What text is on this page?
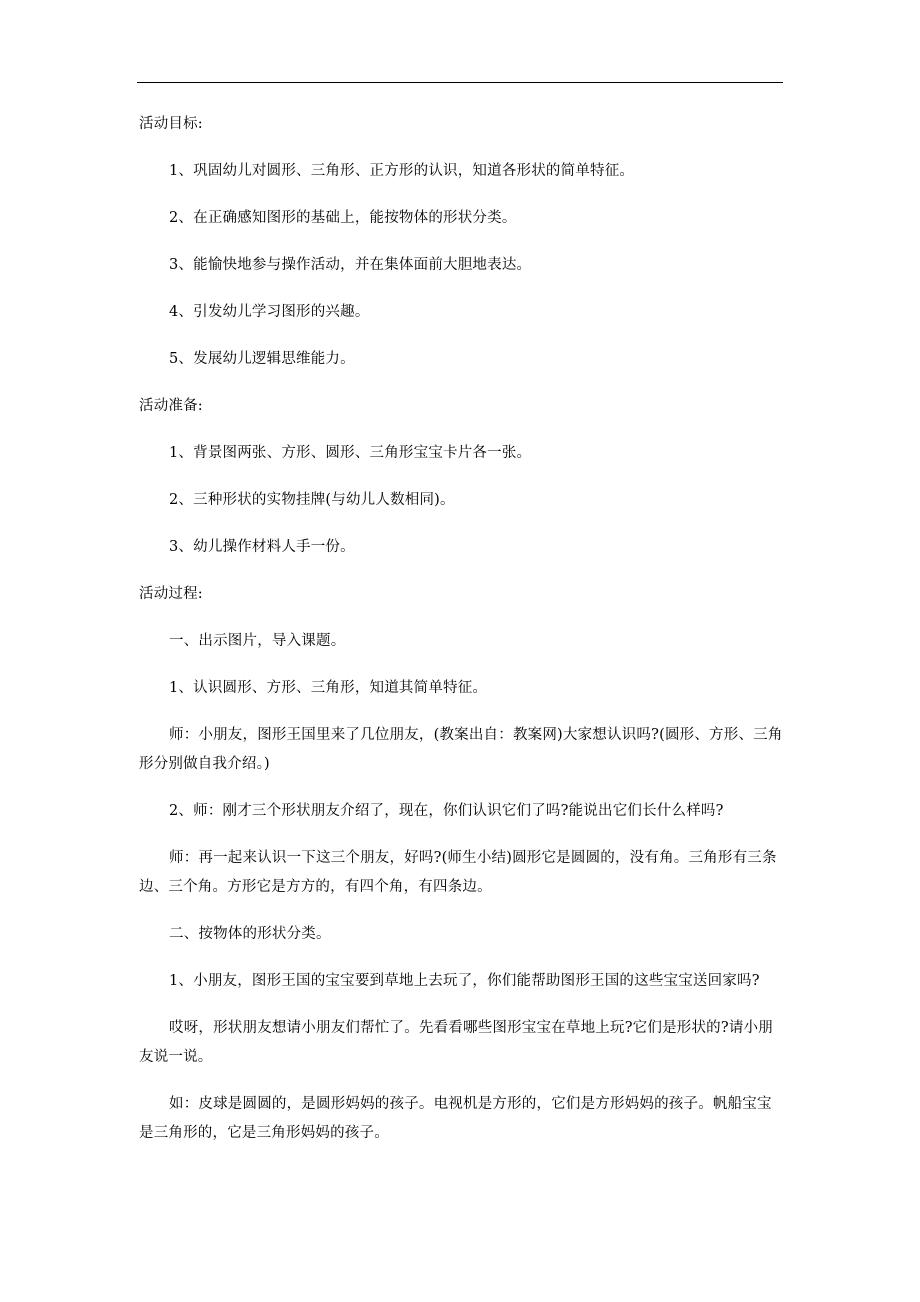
活动目标:

1、巩固幼儿对圆形、三角形、正方形的认识，知道各形状的简单特征。

2、在正确感知图形的基础上，能按物体的形状分类。

3、能愉快地参与操作活动，并在集体面前大胆地表达。

4、引发幼儿学习图形的兴趣。

5、发展幼儿逻辑思维能力。

活动准备:

1、背景图两张、方形、圆形、三角形宝宝卡片各一张。

2、三种形状的实物挂牌(与幼儿人数相同)。

3、幼儿操作材料人手一份。

活动过程:

一、出示图片，导入课题。

1、认识圆形、方形、三角形，知道其简单特征。

师：小朋友，图形王国里来了几位朋友，(教案出自：教案网)大家想认识吗?(圆形、方形、三角形分别做自我介绍。)

2、师：刚才三个形状朋友介绍了，现在，你们认识它们了吗?能说出它们长什么样吗?

师：再一起来认识一下这三个朋友，好吗?(师生小结)圆形它是圆圆的，没有角。三角形有三条边、三个角。方形它是方方的，有四个角，有四条边。

二、按物体的形状分类。

1、小朋友，图形王国的宝宝要到草地上去玩了，你们能帮助图形王国的这些宝宝送回家吗?

哎呀，形状朋友想请小朋友们帮忙了。先看看哪些图形宝宝在草地上玩?它们是形状的?请小朋友说一说。

如：皮球是圆圆的，是圆形妈妈的孩子。电视机是方形的，它们是方形妈妈的孩子。帆船宝宝是三角形的，它是三角形妈妈的孩子。
